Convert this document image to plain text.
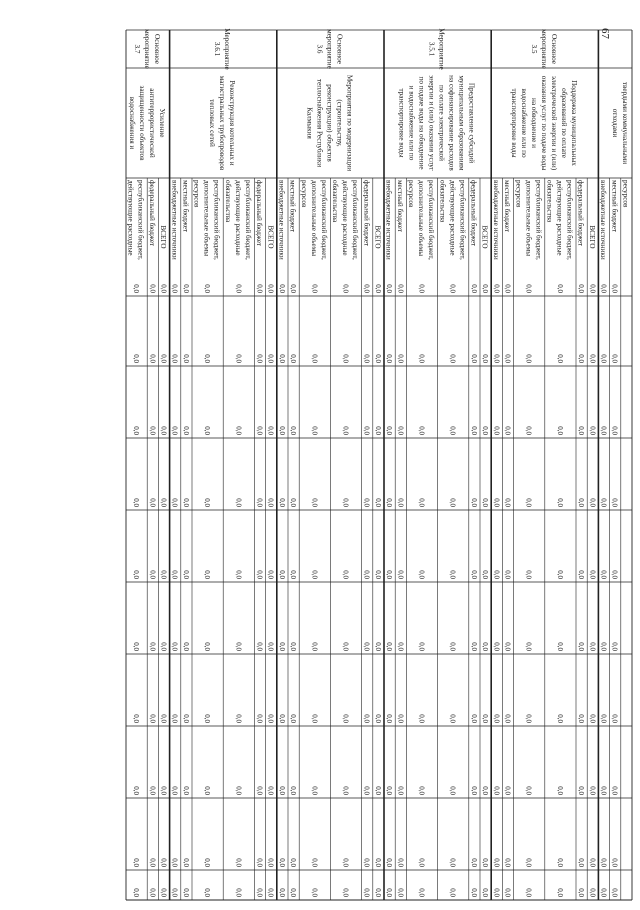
67
ресурсов
местный бюджет
0,0
0,0
0,0
0,0
0,0
0,0
0,0
0,0
0,0
0,0
внебюджетные источники
0,0
0,0
0,0
0,0
0,0
0,0
0,0
0,0
0,0
0,0
ВСЕГО
0,0
0,0
0,0
0,0
0,0
0,0
0,0
0,0
0,0
0,0
федеральный бюджет
0,0
0,0
0,0
0,0
0,0
0,0
0,0
0,0
0,0
0,0
республиканский бюджет,
действующие расходные
обязательства
0,0
0,0
0,0
0,0
0,0
0,0
0,0
0,0
0,0
0,0
республиканский бюджет,
дополнительные объемы
ресурсов
0,0
0,0
0,0
0,0
0,0
0,0
0,0
0,0
0,0
0,0
местный бюджет
0,0
0,0
0,0
0,0
0,0
0,0
0,0
0,0
0,0
0,0
внебюджетные источники
0,0
0,0
0,0
0,0
0,0
0,0
0,0
0,0
0,0
0,0
ВСЕГО
0,0
0,0
0,0
0,0
0,0
0,0
0,0
0,0
0,0
0,0
федеральный бюджет
0,0
0,0
0,0
0,0
0,0
0,0
0,0
0,0
0,0
0,0
республиканский бюджет,
действующие расходные
обязательства
0,0
0,0
0,0
0,0
0,0
0,0
0,0
0,0
0,0
0,0
республиканский бюджет,
дополнительные объемы
ресурсов
0,0
0,0
0,0
0,0
0,0
0,0
0,0
0,0
0,0
0,0
местный бюджет
0,0
0,0
0,0
0,0
0,0
0,0
0,0
0,0
0,0
0,0
внебюджетные источники
0,0
0,0
0,0
0,0
0,0
0,0
0,0
0,0
0,0
0,0
ВСЕГО
0,0
0,0
0,0
0,0
0,0
0,0
0,0
0,0
0,0
0,0
федеральный бюджет
0,0
0,0
0,0
0,0
0,0
0,0
0,0
0,0
0,0
0,0
республиканский бюджет,
действующие расходные
обязательства
0,0
0,0
0,0
0,0
0,0
0,0
0,0
0,0
0,0
0,0
республиканский бюджет,
дополнительные объемы
ресурсов
0,0
0,0
0,0
0,0
0,0
0,0
0,0
0,0
0,0
0,0
местный бюджет
0,0
0,0
0,0
0,0
0,0
0,0
0,0
0,0
0,0
0,0
внебюджетные источники
0,0
0,0
0,0
0,0
0,0
0,0
0,0
0,0
0,0
0,0
ВСЕГО
0,0
0,0
0,0
0,0
0,0
0,0
0,0
0,0
0,0
0,0
федеральный бюджет
0,0
0,0
0,0
0,0
0,0
0,0
0,0
0,0
0,0
0,0
республиканский бюджет,
действующие расходные
обязательства
0,0
0,0
0,0
0,0
0,0
0,0
0,0
0,0
0,0
0,0
республиканский бюджет,
дополнительные объемы
ресурсов
0,0
0,0
0,0
0,0
0,0
0,0
0,0
0,0
0,0
0,0
местный бюджет
0,0
0,0
0,0
0,0
0,0
0,0
0,0
0,0
0,0
0,0
внебюджетные источники
0,0
0,0
0,0
0,0
0,0
0,0
0,0
0,0
0,0
0,0
ВСЕГО
0,0
0,0
0,0
0,0
0,0
0,0
0,0
0,0
0,0
0,0
федеральный бюджет
0,0
0,0
0,0
0,0
0,0
0,0
0,0
0,0
0,0
0,0
республиканский бюджет,
действующие расходные
0,0
0,0
0,0
0,0
0,0
0,0
0,0
0,0
0,0
0,0
твердыми коммунальными
отходами
Основное
мероприятие
3.5
Поддержка муниципальных
образований по оплате
электрической энергии и (или)
оказания услуг по подаче воды
на обводнение и
водоснабжение или по
транспортировке воды
Мероприятие
3.5.1
Предоставление субсидий
муниципальным образованиям
на софинансирование расходов
по оплате электрической
энергии и (или) оказания услуг
по подаче воды на обводнение
и водоснабжение или по
транспортировке воды
Основное
мероприятие
3.6
Мероприятия по модернизации
(строительству,
реконструкции) объектов
теплоснабжения Республики
Калмыкия
Мероприятие
3.6.1
Реконструкция котельных и
магистральных трубопроводов
тепловых сетей
Основное
мероприятие
3.7
Усиление
антитеррористической
защищенности объектов
водоснабжения и
